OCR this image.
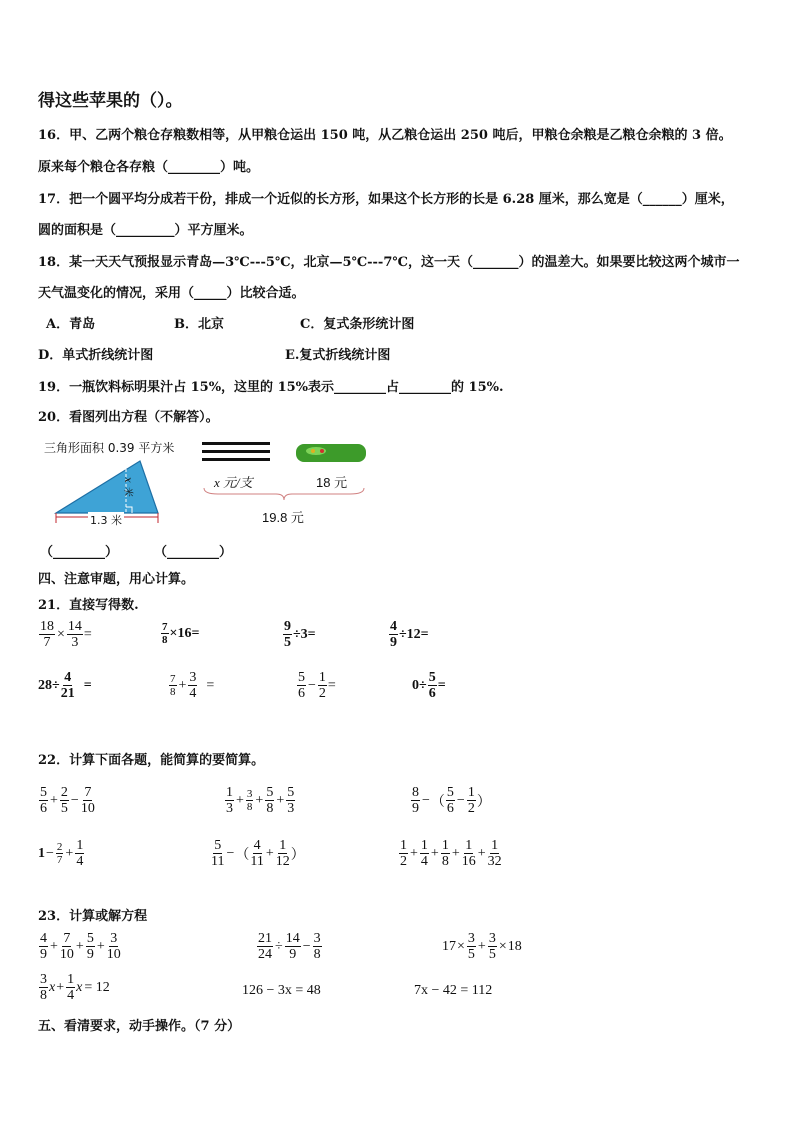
得这些苹果的（）。
16．甲、乙两个粮仓存粮数相等，从甲粮仓运出 150 吨，从乙粮仓运出 250 吨后，甲粮仓余粮是乙粮仓余粮的 3 倍。
原来每个粮仓各存粮（________）吨。
17．把一个圆平均分成若干份，排成一个近似的长方形，如果这个长方形的长是 6.28 厘米，那么宽是（______）厘米，
圆的面积是（_________）平方厘米。
18．某一天天气预报显示青岛—3℃---5℃，北京—5℃---7℃，这一天（_______）的温差大。如果要比较这两个城市一
天气温变化的情况，采用（_____）比较合适。
A．青岛	B．北京	C．复式条形统计图
D．单式折线统计图	E.复式折线统计图
19．一瓶饮料标明果汁占 15%，这里的 15%表示________占________的 15%.
20．看图列出方程（不解答）。
三角形面积 0.39 平方米
x 米
1.3 米
x 元/支	18 元
19.8 元
（________）	（________）
四、注意审题，用心计算。
21．直接写得数.
$\frac{18}{7} \times \frac{14}{3}$ =	$\frac{7}{8} \times 16=$	$\frac{9}{5} \div 3=$	$\frac{4}{9} \div 12=$
$28\div \frac{4}{21}$ =	$\frac{7}{8} + \frac{3}{4}$ =	$\frac{5}{6} - \frac{1}{2}$ =	$0\div \frac{5}{6}$ =
22．计算下面各题，能简算的要简算。
$\frac{5}{6} + \frac{2}{5} - \frac{7}{10}$	$\frac{1}{3} + \frac{3}{8} + \frac{5}{8} + \frac{5}{3}$	$\frac{8}{9}$ − （ $\frac{5}{6} - \frac{1}{2}$ ）
$1 - \frac{2}{7} + \frac{1}{4}$	$\frac{5}{11}$ − （ $\frac{4}{11} + \frac{1}{12}$ ）	$\frac{1}{2} + \frac{1}{4} + \frac{1}{8} + \frac{1}{16} + \frac{1}{32}$
23．计算或解方程
$\frac{4}{9} + \frac{7}{10} + \frac{5}{9} + \frac{3}{10}$	$\frac{21}{24} \div \frac{14}{9} - \frac{3}{8}$	$17 \times \frac{3}{5} + \frac{3}{5} \times 18$
$\frac{3}{8}$ $x + \frac{1}{4}$ x = 12	126 − 3x = 48	7x − 42 = 112
五、看清要求，动手操作。（7 分）
